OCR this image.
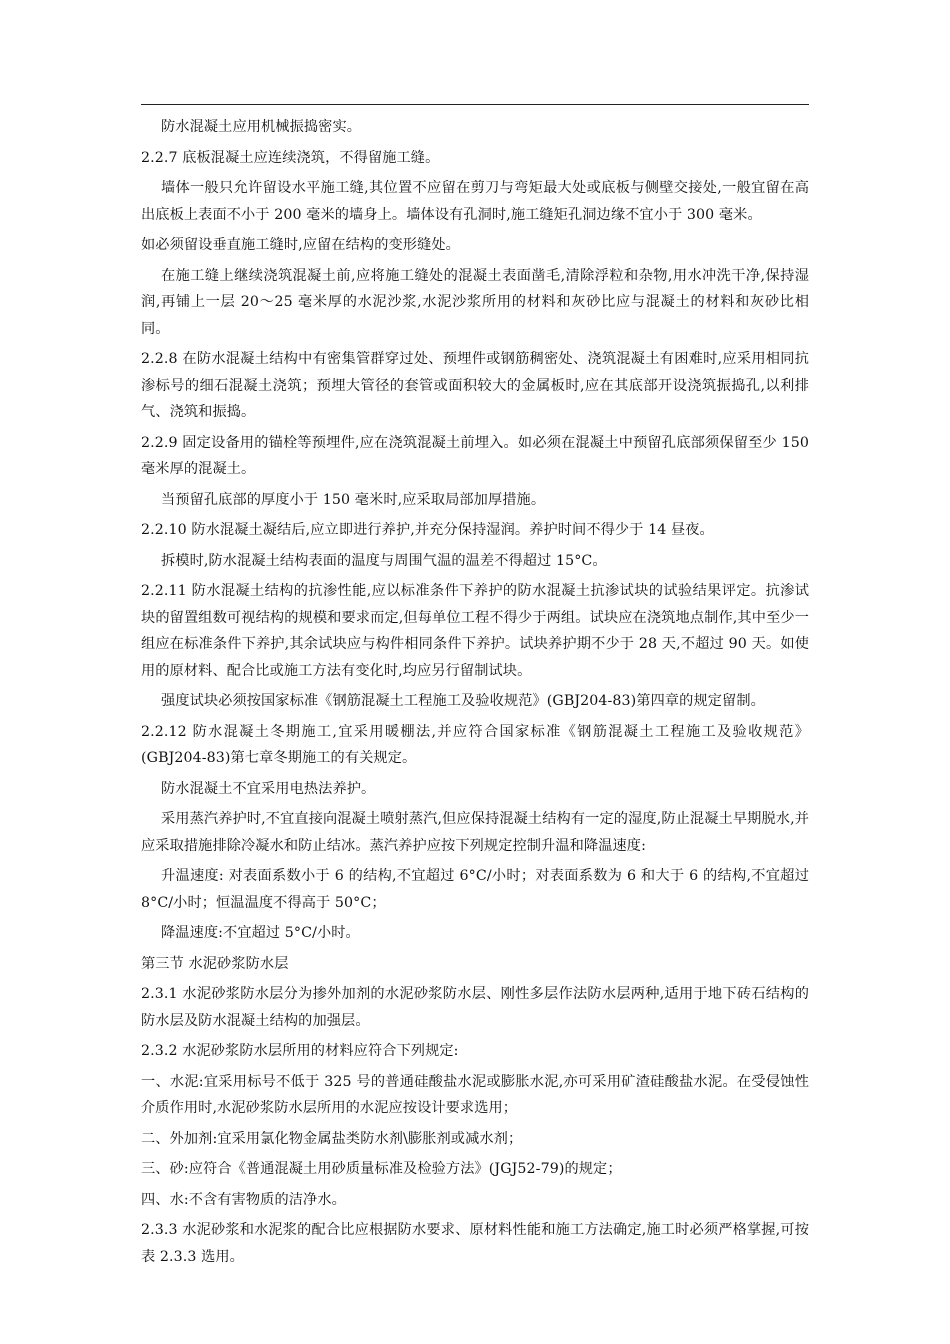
防水混凝土应用机械振捣密实。

2.2.7 底板混凝土应连续浇筑，不得留施工缝。

墙体一般只允许留设水平施工缝,其位置不应留在剪刀与弯矩最大处或底板与侧壁交接处,一般宜留在高出底板上表面不小于 200 毫米的墙身上。墙体设有孔洞时,施工缝矩孔洞边缘不宜小于 300 毫米。

如必须留设垂直施工缝时,应留在结构的变形缝处。

在施工缝上继续浇筑混凝土前,应将施工缝处的混凝土表面凿毛,清除浮粒和杂物,用水冲洗干净,保持湿润,再铺上一层 20～25 毫米厚的水泥沙浆,水泥沙浆所用的材料和灰砂比应与混凝土的材料和灰砂比相同。

2.2.8 在防水混凝土结构中有密集管群穿过处、预埋件或钢筋稠密处、浇筑混凝土有困难时,应采用相同抗渗标号的细石混凝土浇筑；预埋大管径的套管或面积较大的金属板时,应在其底部开设浇筑振捣孔,以利排气、浇筑和振捣。

2.2.9 固定设备用的锚栓等预埋件,应在浇筑混凝土前埋入。如必须在混凝土中预留孔底部须保留至少 150 毫米厚的混凝土。

当预留孔底部的厚度小于 150 毫米时,应采取局部加厚措施。

2.2.10 防水混凝土凝结后,应立即进行养护,并充分保持湿润。养护时间不得少于 14 昼夜。

拆模时,防水混凝土结构表面的温度与周围气温的温差不得超过 15°C。

2.2.11 防水混凝土结构的抗渗性能,应以标准条件下养护的防水混凝土抗渗试块的试验结果评定。抗渗试块的留置组数可视结构的规模和要求而定,但每单位工程不得少于两组。试块应在浇筑地点制作,其中至少一组应在标准条件下养护,其余试块应与构件相同条件下养护。试块养护期不少于 28 天,不超过 90 天。如使用的原材料、配合比或施工方法有变化时,均应另行留制试块。

强度试块必须按国家标准《钢筋混凝土工程施工及验收规范》(GBJ204-83)第四章的规定留制。

2.2.12 防水混凝土冬期施工,宜采用暖棚法,并应符合国家标准《钢筋混凝土工程施工及验收规范》(GBJ204-83)第七章冬期施工的有关规定。

防水混凝土不宜采用电热法养护。

采用蒸汽养护时,不宜直接向混凝土喷射蒸汽,但应保持混凝土结构有一定的湿度,防止混凝土早期脱水,并应采取措施排除冷凝水和防止结冰。蒸汽养护应按下列规定控制升温和降温速度:

升温速度: 对表面系数小于 6 的结构,不宜超过 6°C/小时；对表面系数为 6 和大于 6 的结构,不宜超过 8°C/小时；恒温温度不得高于 50°C；

降温速度:不宜超过 5°C/小时。

第三节 水泥砂浆防水层

2.3.1 水泥砂浆防水层分为掺外加剂的水泥砂浆防水层、刚性多层作法防水层两种,适用于地下砖石结构的防水层及防水混凝土结构的加强层。

2.3.2 水泥砂浆防水层所用的材料应符合下列规定:

一、水泥:宜采用标号不低于 325 号的普通硅酸盐水泥或膨胀水泥,亦可采用矿渣硅酸盐水泥。在受侵蚀性介质作用时,水泥砂浆防水层所用的水泥应按设计要求选用；

二、外加剂:宜采用氯化物金属盐类防水剂\膨胀剂或减水剂；

三、砂:应符合《普通混凝土用砂质量标准及检验方法》(JGJ52-79)的规定；

四、水:不含有害物质的洁净水。

2.3.3 水泥砂浆和水泥浆的配合比应根据防水要求、原材料性能和施工方法确定,施工时必须严格掌握,可按表 2.3.3 选用。
